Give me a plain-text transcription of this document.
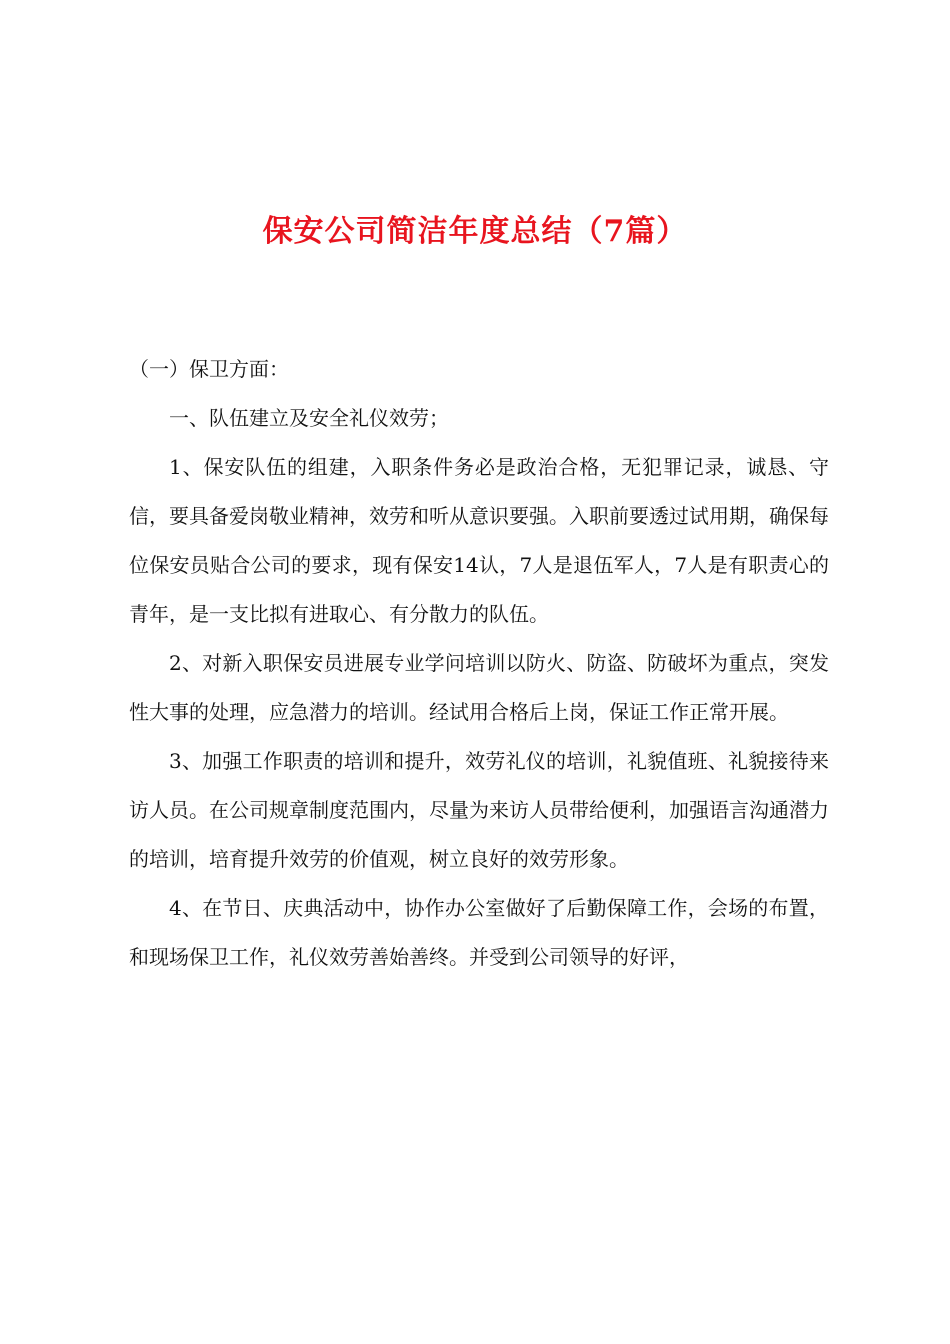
保安公司简洁年度总结（7篇）

（一）保卫方面：

一、队伍建立及安全礼仪效劳；

1、保安队伍的组建，入职条件务必是政治合格，无犯罪记录，诚恳、守信，要具备爱岗敬业精神，效劳和听从意识要强。入职前要透过试用期，确保每位保安员贴合公司的要求，现有保安14认，7人是退伍军人，7人是有职责心的青年，是一支比拟有进取心、有分散力的队伍。

2、对新入职保安员进展专业学问培训以防火、防盗、防破坏为重点，突发性大事的处理，应急潜力的培训。经试用合格后上岗，保证工作正常开展。

3、加强工作职责的培训和提升，效劳礼仪的培训，礼貌值班、礼貌接待来访人员。在公司规章制度范围内，尽量为来访人员带给便利，加强语言沟通潜力的培训，培育提升效劳的价值观，树立良好的效劳形象。

4、在节日、庆典活动中，协作办公室做好了后勤保障工作，会场的布置，和现场保卫工作，礼仪效劳善始善终。并受到公司领导的好评，
